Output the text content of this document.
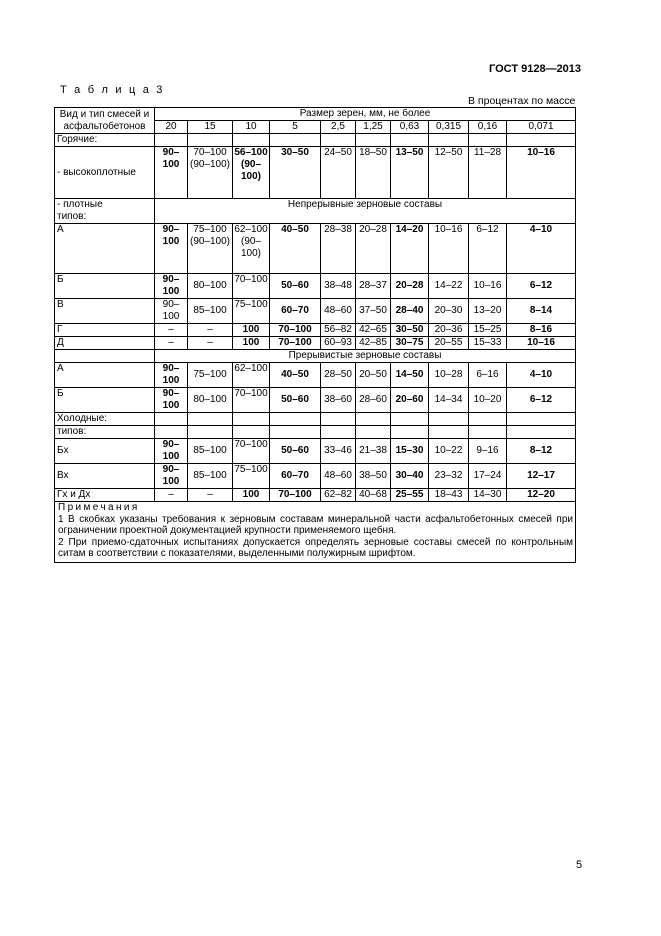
ГОСТ 9128—2013
Т а б л и ц а 3
В процентах по массе
Вид и тип смесей и асфальтобетонов	Размер зерен, мм, не более									
	20	15	10	5	2,5	1,25	0,63	0,315	0,16	0,071
Горячие:										
- высокоплотные	90–100	70–100 (90–100)	56–100 (90–100)	30–50	24–50	18–50	13–50	12–50	11–28	10–16
- плотные
типов:	Непрерывные зерновые составы									
А	90–100	75–100 (90–100)	62–100 (90–100)	40–50	28–38	20–28	14–20	10–16	6–12	4–10
Б	90–100	80–100	70–100	50–60	38–48	28–37	20–28	14–22	10–16	6–12
В	90–100	85–100	75–100	60–70	48–60	37–50	28–40	20–30	13–20	8–14
Г	–	–	100	70–100	56–82	42–65	30–50	20–36	15–25	8–16
Д	–	–	100	70–100	60–93	42–85	30–75	20–55	15–33	10–16
	Прерывистые зерновые составы									
А	90–100	75–100	62–100	40–50	28–50	20–50	14–50	10–28	6–16	4–10
Б	90–100	80–100	70–100	50–60	38–60	28–60	20–60	14–34	10–20	6–12
Холодные:										
типов:										
Бх	90–100	85–100	70–100	50–60	33–46	21–38	15–30	10–22	9–16	8–12
Вх	90–100	85–100	75–100	60–70	48–60	38–50	30–40	23–32	17–24	12–17
Гх и Дх	–	–	100	70–100	62–82	40–68	25–55	18–43	14–30	12–20

Примечания
1 В скобках указаны требования к зерновым составам минеральной части асфальтобетонных смесей при ограничении проектной документацией крупности применяемого щебня.
2 При приемо-сдаточных испытаниях допускается определять зерновые составы смесей по контрольным ситам в соответствии с показателями, выделенными полужирным шрифтом.										
5
